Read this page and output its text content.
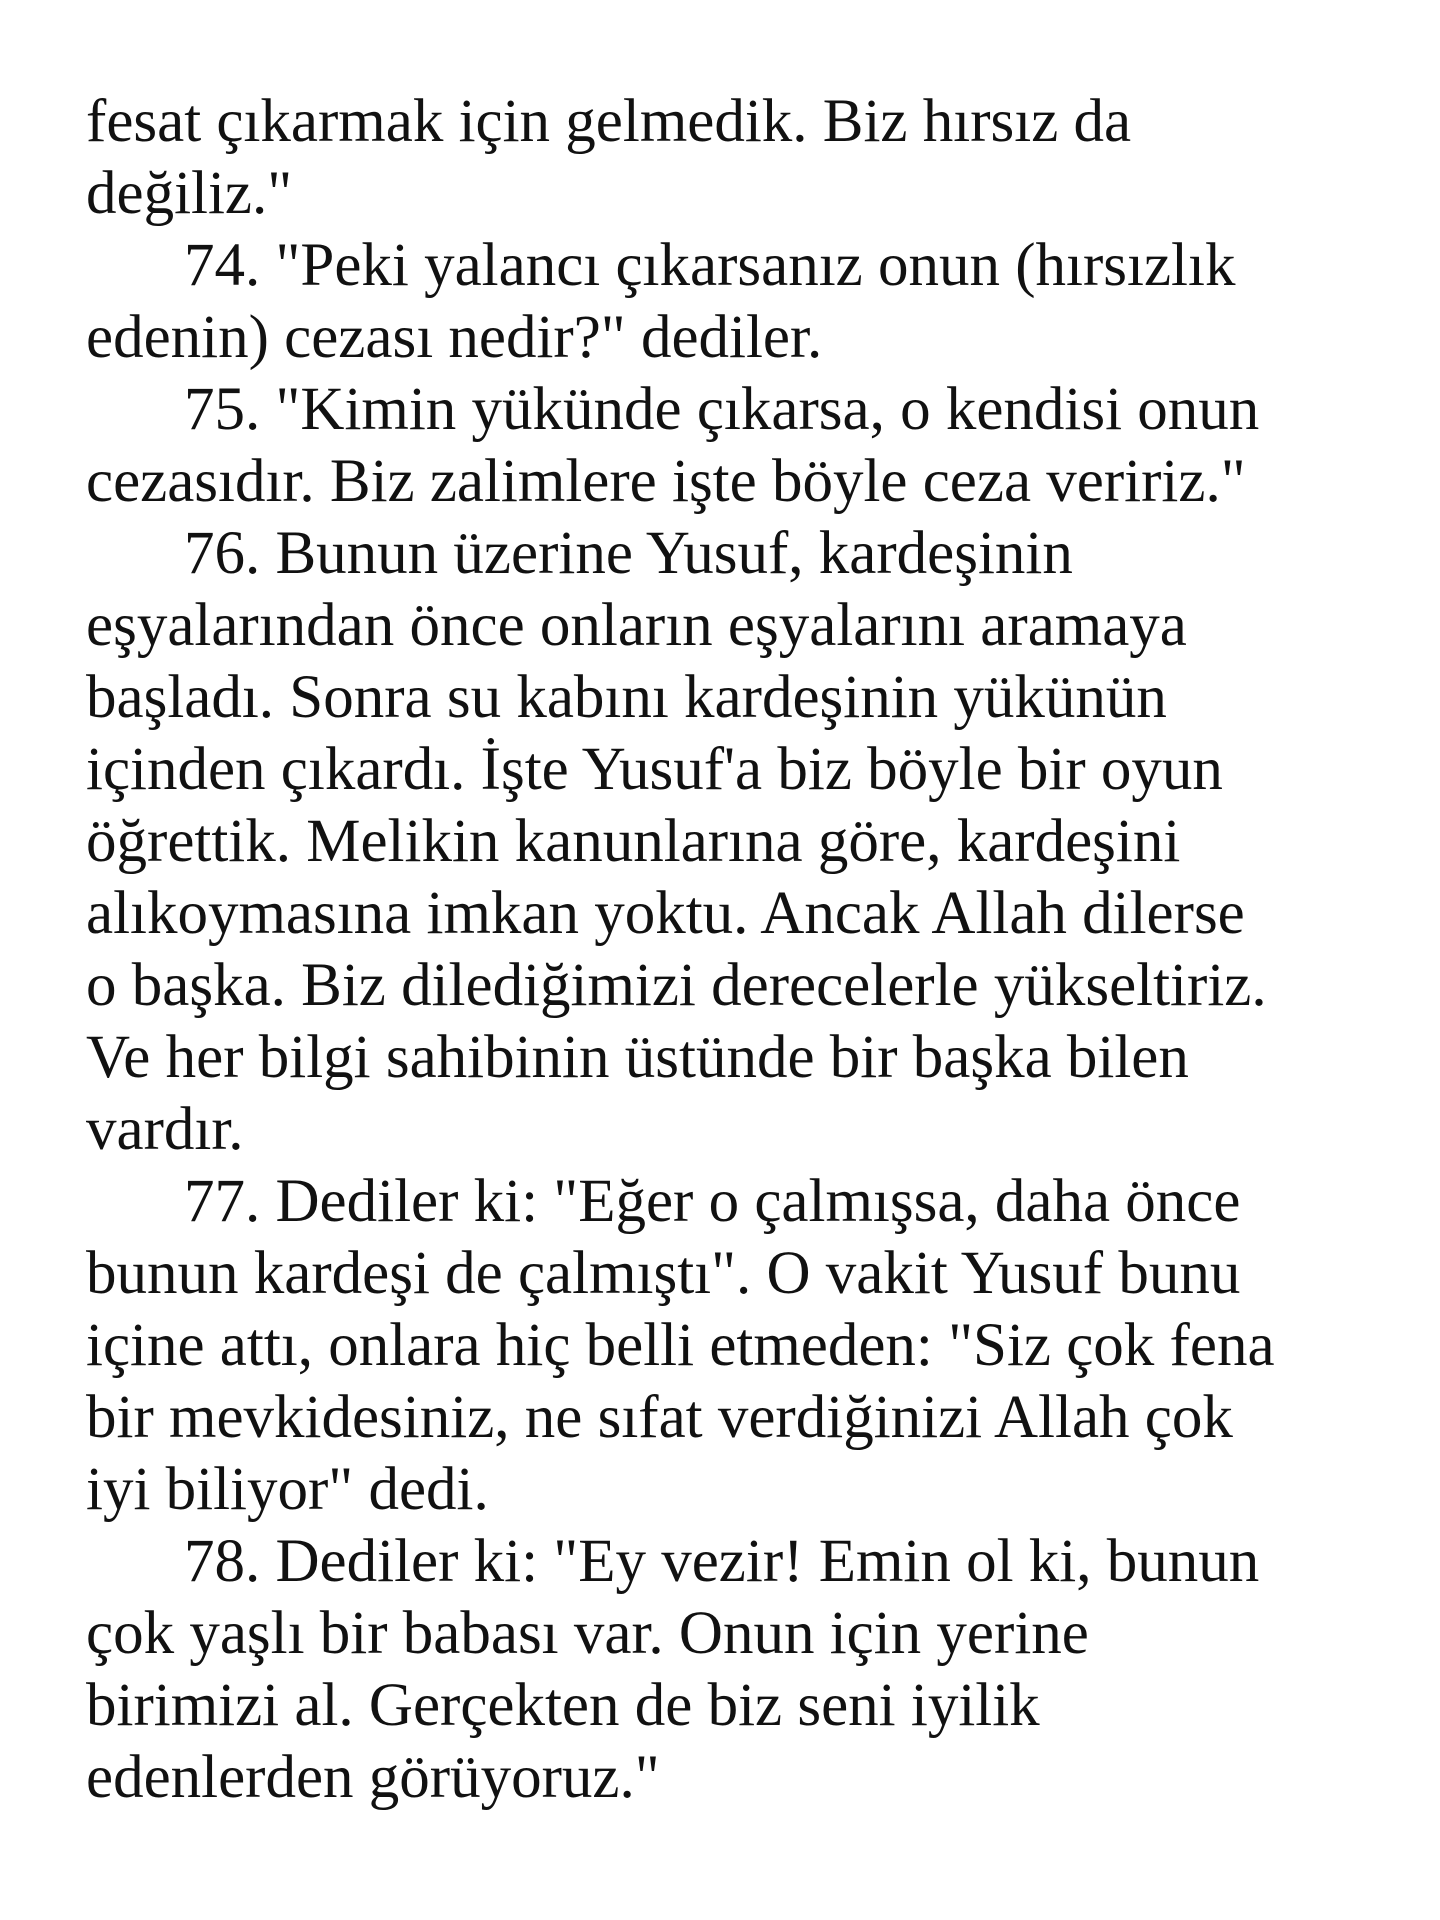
fesat çıkarmak için gelmedik. Biz hırsız da
değiliz."
74. "Peki yalancı çıkarsanız onun (hırsızlık
edenin) cezası nedir?" dediler.
75. "Kimin yükünde çıkarsa, o kendisi onun
cezasıdır. Biz zalimlere işte böyle ceza veririz."
76. Bunun üzerine Yusuf, kardeşinin
eşyalarından önce onların eşyalarını aramaya
başladı. Sonra su kabını kardeşinin yükünün
içinden çıkardı. İşte Yusuf'a biz böyle bir oyun
öğrettik. Melikin kanunlarına göre, kardeşini
alıkoymasına imkan yoktu. Ancak Allah dilerse
o başka. Biz dilediğimizi derecelerle yükseltiriz.
Ve her bilgi sahibinin üstünde bir başka bilen
vardır.
77. Dediler ki: "Eğer o çalmışsa, daha önce
bunun kardeşi de çalmıştı". O vakit Yusuf bunu
içine attı, onlara hiç belli etmeden: "Siz çok fena
bir mevkidesiniz, ne sıfat verdiğinizi Allah çok
iyi biliyor" dedi.
78. Dediler ki: "Ey vezir! Emin ol ki, bunun
çok yaşlı bir babası var. Onun için yerine
birimizi al. Gerçekten de biz seni iyilik
edenlerden görüyoruz."
